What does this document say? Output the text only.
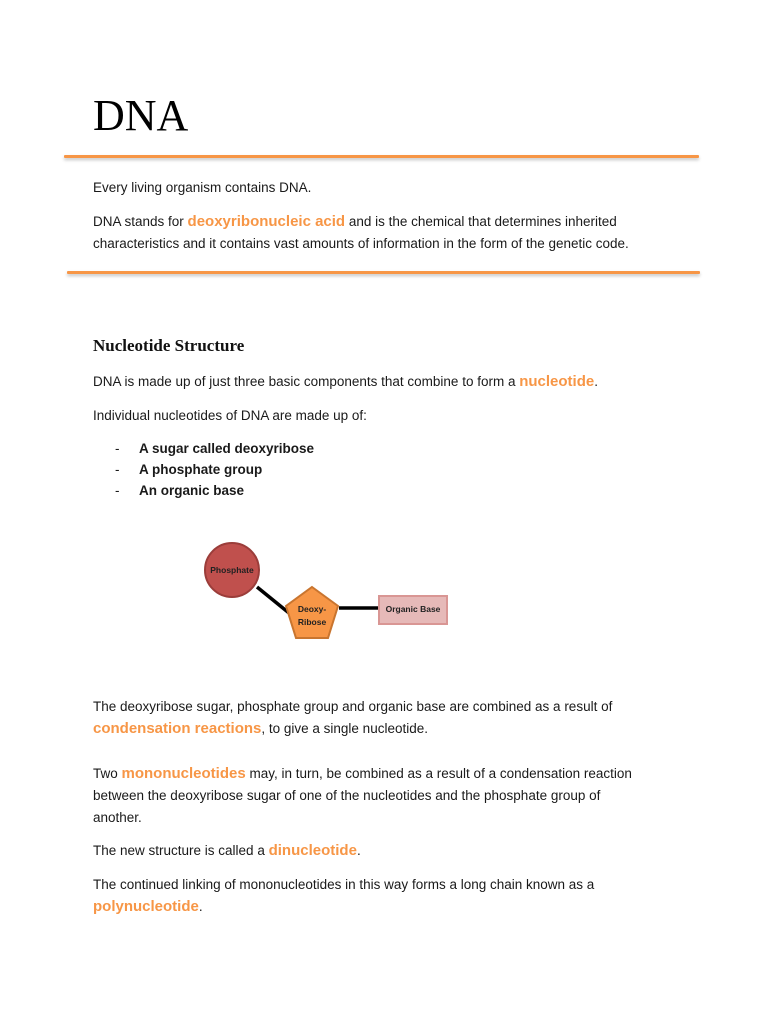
DNA
Every living organism contains DNA.
DNA stands for deoxyribonucleic acid and is the chemical that determines inherited
characteristics and it contains vast amounts of information in the form of the genetic code.
Nucleotide Structure
DNA is made up of just three basic components that combine to form a nucleotide.
Individual nucleotides of DNA are made up of:
- A sugar called deoxyribose
- A phosphate group
- An organic base
Phosphate
Deoxy-
Ribose
Organic Base
The deoxyribose sugar, phosphate group and organic base are combined as a result of
condensation reactions, to give a single nucleotide.
Two mononucleotides may, in turn, be combined as a result of a condensation reaction
between the deoxyribose sugar of one of the nucleotides and the phosphate group of
another.
The new structure is called a dinucleotide.
The continued linking of mononucleotides in this way forms a long chain known as a
polynucleotide.
